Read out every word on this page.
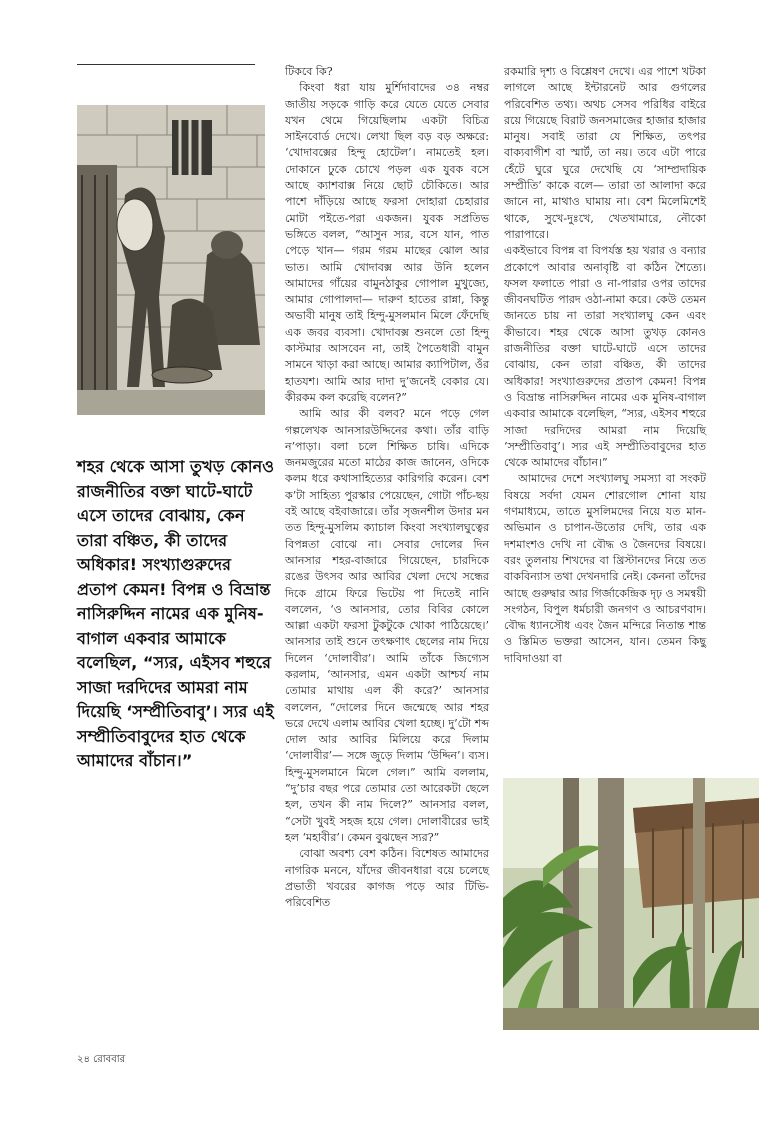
শহর থেকে আসা তুখড় কোনও রাজনীতির বক্তা ঘাটে-ঘাটে এসে তাদের বোঝায়, কেন তারা বঞ্চিত, কী তাদের অধিকার! সংখ্যাগুরুদের প্রতাপ কেমন! বিপন্ন ও বিভ্রান্ত নাসিরুদ্দিন নামের এক মুনিষ-বাগাল একবার আমাকে বলেছিল, “স্যর, এইসব শহুরে সাজা দরদিদের আমরা নাম দিয়েছি ‘সম্প্রীতিবাবু’। স্যর এই সম্প্রীতিবাবুদের হাত থেকে আমাদের বাঁচান।”

টিকবে কি?

কিংবা ধরা যায় মুর্শিদাবাদের ৩৪ নম্বর জাতীয় সড়কে গাড়ি করে যেতে যেতে সেবার যখন থেমে গিয়েছিলাম একটা বিচিত্র সাইনবোর্ড দেখে। লেখা ছিল বড় বড় অক্ষরে: ‘খোদাবক্সের হিন্দু হোটেল’। নামতেই হল। দোকানে ঢুকে চোখে পড়ল এক যুবক বসে আছে ক্যাশবাক্স নিয়ে ছোট চৌকিতে। আর পাশে দাঁড়িয়ে আছে ফরসা দোহারা চেহারার মোটা পইতে-পরা একজন। যুবক সপ্রতিভ ভঙ্গিতে বলল, “আসুন স্যর, বসে যান, পাত পেড়ে খান— গরম গরম মাছের ঝোল আর ভাত। আমি খোদাবক্স আর উনি হলেন আমাদের গাঁয়ের বামুনঠাকুর গোপাল মুখুজ্যে, আমার গোপালদা— দারুণ হাতের রান্না, কিন্তু অভাবী মানুষ তাই হিন্দু-মুসলমান মিলে ফেঁদেছি এক জবর ব্যবসা। খোদাবক্স শুনলে তো হিন্দু কাস্টমার আসবেন না, তাই পৈতেধারী বামুন সামনে খাড়া করা আছে। আমার ক্যাপিটাল, ওঁর হাতযশ। আমি আর দাদা দু’জনেই বেকার যে। কীরকম কল করেছি বলেন?”

আমি আর কী বলব? মনে পড়ে গেল গল্পলেখক আনসারউদ্দিনের কথা। তাঁর বাড়ি ন’পাড়া। বলা চলে শিক্ষিত চাষি। এদিকে জনমজুরের মতো মাঠের কাজ জানেন, ওদিকে কলম ধরে কথাসাহিত্যের কারিগরি করেন। বেশ ক’টা সাহিত্য পুরস্কার পেয়েছেন, গোটা পাঁচ-ছয় বই আছে বইবাজারে। তাঁর সৃজনশীল উদার মন তত হিন্দু-মুসলিম ক্যাচাল কিংবা সংখ্যালঘুত্বের বিপন্নতা বোঝে না। সেবার দোলের দিন আনসার শহর-বাজারে গিয়েছেন, চারদিকে রঙের উৎসব আর আবির খেলা দেখে সন্ধের দিকে গ্রামে ফিরে ভিটেয় পা দিতেই নানি বললেন, ‘ও আনসার, তোর বিবির কোলে আল্লা একটা ফরসা টুকটুকে খোকা পাঠিয়েছে।’ আনসার তাই শুনে তৎক্ষণাৎ ছেলের নাম দিয়ে দিলেন ‘দোলাবীর’। আমি তাঁকে জিগ্যেস করলাম, ‘আনসার, এমন একটা আশ্চর্য নাম তোমার মাথায় এল কী করে?’ আনসার বললেন, “দোলের দিনে জন্মেছে আর শহর ভরে দেখে এলাম আবির খেলা হচ্ছে। দু’টো শব্দ দোল আর আবির মিলিয়ে করে দিলাম ‘দোলাবীর’— সঙ্গে জুড়ে দিলাম ‘উদ্দিন’। ব্যস। হিন্দু-মুসলমানে মিলে গেল।” আমি বললাম, “দু’চার বছর পরে তোমার তো আরেকটা ছেলে হল, তখন কী নাম দিলে?” আনসার বলল, “সেটা খুবই সহজ হয়ে গেল। দোলাবীরের ভাই হল ‘মহাবীর’। কেমন বুঝছেন স্যর?”

বোঝা অবশ্য বেশ কঠিন। বিশেষত আমাদের নাগরিক মননে, যাঁদের জীবনধারা বয়ে চলেছে প্রভাতী খবরের কাগজ পড়ে আর টিভি-পরিবেশিত

রকমারি দৃশ্য ও বিশ্লেষণ দেখে। এর পাশে খটকা লাগলে আছে ইন্টারনেট আর গুগলের পরিবেশিত তথ্য। অথচ সেসব পরিধির বাইরে রয়ে গিয়েছে বিরাট জনসমাজের হাজার হাজার মানুষ। সবাই তারা যে শিক্ষিত, তৎপর বাক্যবাগীশ বা স্মার্ট, তা নয়। তবে এটা পারে হেঁটে ঘুরে ঘুরে দেখেছি যে ‘সাম্প্রদায়িক সম্প্রীতি’ কাকে বলে— তারা তা আলাদা করে জানে না, মাথাও ঘামায় না। বেশ মিলেমিশেই থাকে, সুখে-দুঃখে, খেতখামারে, নৌকো পারাপারে।

একইভাবে বিপন্ন বা বিপর্যস্ত হয় খরার ও বন্যার প্রকোপে আবার অনাবৃষ্টি বা কঠিন শৈত্যে। ফসল ফলাতে পারা ও না-পারার ওপর তাদের জীবনঘটিত পারদ ওঠা-নামা করে। কেউ তেমন জানতে চায় না তারা সংখ্যালঘু কেন এবং কীভাবে। শহর থেকে আসা তুখড় কোনও রাজনীতির বক্তা ঘাটে-ঘাটে এসে তাদের বোঝায়, কেন তারা বঞ্চিত, কী তাদের অধিকার! সংখ্যাগুরুদের প্রতাপ কেমন! বিপন্ন ও বিভ্রান্ত নাসিরুদ্দিন নামের এক মুনিষ-বাগাল একবার আমাকে বলেছিল, “স্যর, এইসব শহুরে সাজা দরদিদের আমরা নাম দিয়েছি ‘সম্প্রীতিবাবু’। স্যর এই সম্প্রীতিবাবুদের হাত থেকে আমাদের বাঁচান।”

আমাদের দেশে সংখ্যালঘু সমস্যা বা সংকট বিষয়ে সর্বদা যেমন শোরগোল শোনা যায় গণমাধ্যমে, তাতে মুসলিমদের নিয়ে যত মান-অভিমান ও চাপান-উতোর দেখি, তার এক দশমাংশও দেখি না বৌদ্ধ ও জৈনদের বিষয়ে। বরং তুলনায় শিখদের বা খ্রিস্টানদের নিয়ে তত বাকবিন্যাস তথা দেখনদারি নেই। কেননা তাঁদের আছে গুরুদ্বার আর গির্জাকেন্দ্রিক দৃঢ় ও সমন্বয়ী সংগঠন, বিপুল ধর্মচারী জনগণ ও আচরণবাদ। বৌদ্ধ ধ্যানসৌধ এবং জৈন মন্দিরে নিতান্ত শান্ত ও স্তিমিত ভক্তরা আসেন, যান। তেমন কিছু দাবিদাওয়া বা

২৪ রোববার
